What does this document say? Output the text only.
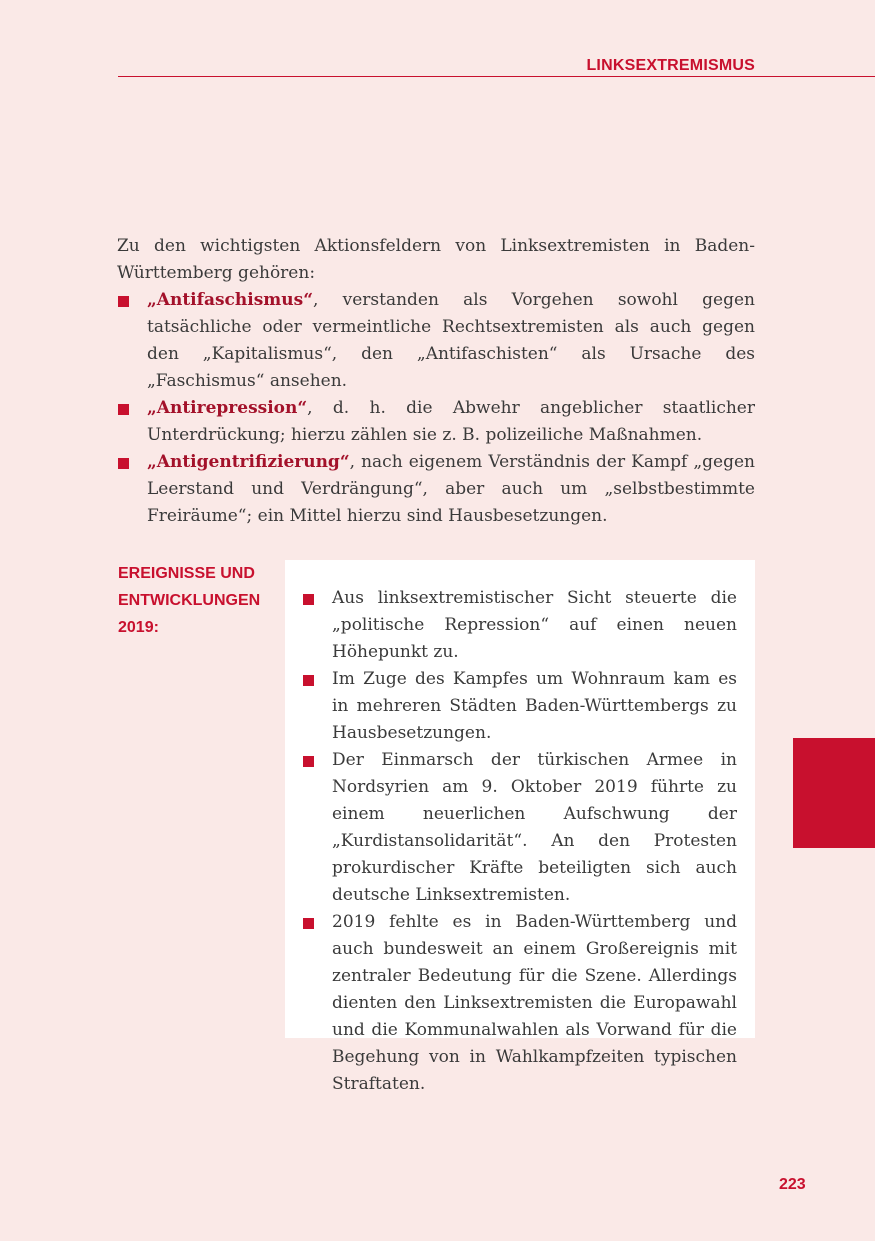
LINKSEXTREMISMUS

Zu den wichtigsten Aktionsfeldern von Linksextremisten in Baden-Württemberg gehören:

„Antifaschismus“, verstanden als Vorgehen sowohl gegen tatsächliche oder vermeintliche Rechtsextremisten als auch gegen den „Kapitalismus“, den „Antifaschisten“ als Ursache des „Faschismus“ ansehen.
„Antirepression“, d. h. die Abwehr angeblicher staatlicher Unterdrückung; hierzu zählen sie z. B. polizeiliche Maßnahmen.
„Antigentrifizierung“, nach eigenem Verständnis der Kampf „gegen Leerstand und Verdrängung“, aber auch um „selbstbestimmte Freiräume“; ein Mittel hierzu sind Hausbesetzungen.
EREIGNISSE UND
ENTWICKLUNGEN
2019:
Aus linksextremistischer Sicht steuerte die „politische Repression“ auf einen neuen Höhepunkt zu.
Im Zuge des Kampfes um Wohnraum kam es in mehreren Städten Baden-Württembergs zu Hausbesetzungen.
Der Einmarsch der türkischen Armee in Nordsyrien am 9. Oktober 2019 führte zu einem neuerlichen Aufschwung der „Kurdistansolidarität“. An den Protesten prokurdischer Kräfte beteiligten sich auch deutsche Linksextremisten.
2019 fehlte es in Baden-Württemberg und auch bundesweit an einem Großereignis mit zentraler Bedeutung für die Szene. Allerdings dienten den Linksextremisten die Europawahl und die Kommunalwahlen als Vorwand für die Begehung von in Wahlkampfzeiten typischen Straftaten.
223
